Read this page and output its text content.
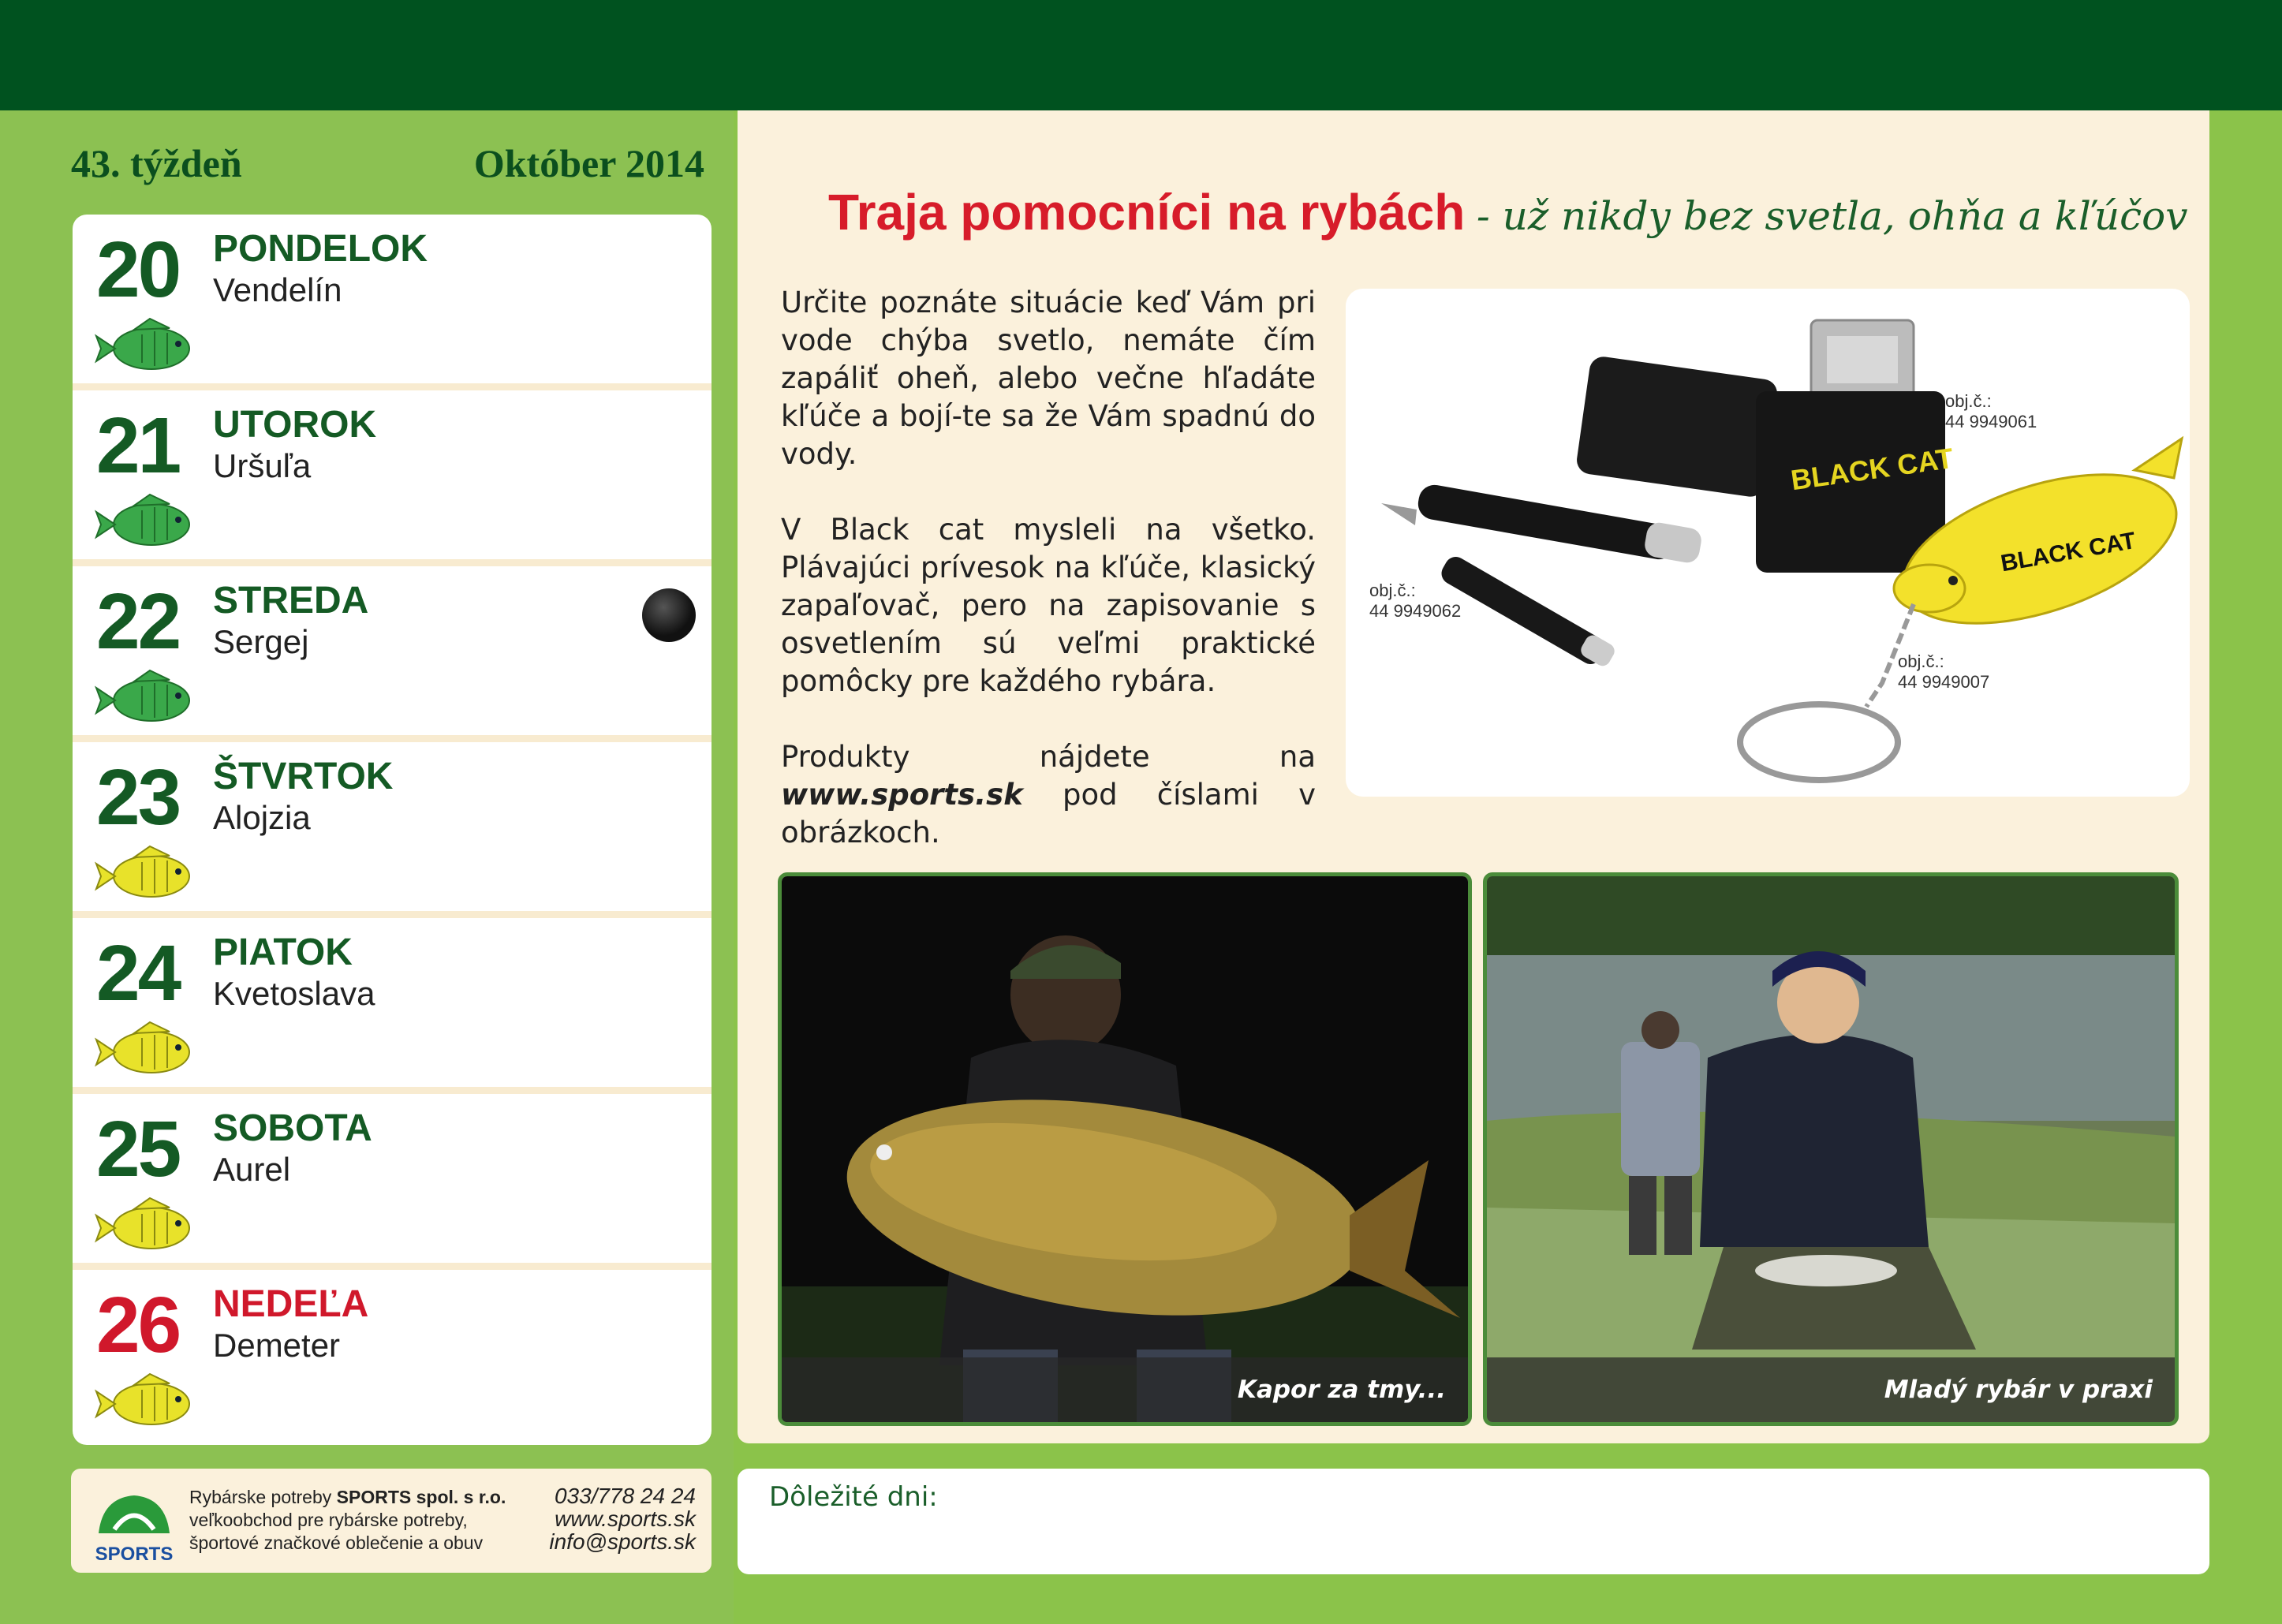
43. týždeň	Október 2014
20 PONDELOK
Vendelín
21 UTOROK
Uršuľa
22 STREDA
Sergej
23 ŠTVRTOK
Alojzia
24 PIATOK
Kvetoslava
25 SOBOTA
Aurel
26 NEDEĽA
Demeter
Traja pomocníci na rybách - už nikdy bez svetla, ohňa a kľúčov

Určite poznáte situácie keď Vám pri vode chýba svetlo, nemáte čím zapáliť oheň, alebo večne hľadáte kľúče a bojí-te sa že Vám spadnú do vody.

V Black cat mysleli na všetko. Plávajúci prívesok na kľúče, klasický zapaľovač, pero na zapisovanie s osvetlením sú veľmi praktické pomôcky pre každého rybára.

Produkty nájdete na www.sports.sk pod číslami v obrázkoch.

BLACK CAT
BLACK CAT
obj.č.:
44 9949061
obj.č.:
44 9949062
obj.č.:
44 9949007
Kapor za tmy...	Mladý rybár v praxi
SPORTS
Rybárske potreby SPORTS spol. s r.o.
veľkoobchod pre rybárske potreby,
športové značkové oblečenie a obuv
033/778 24 24
www.sports.sk
info@sports.sk
Dôležité dni:
